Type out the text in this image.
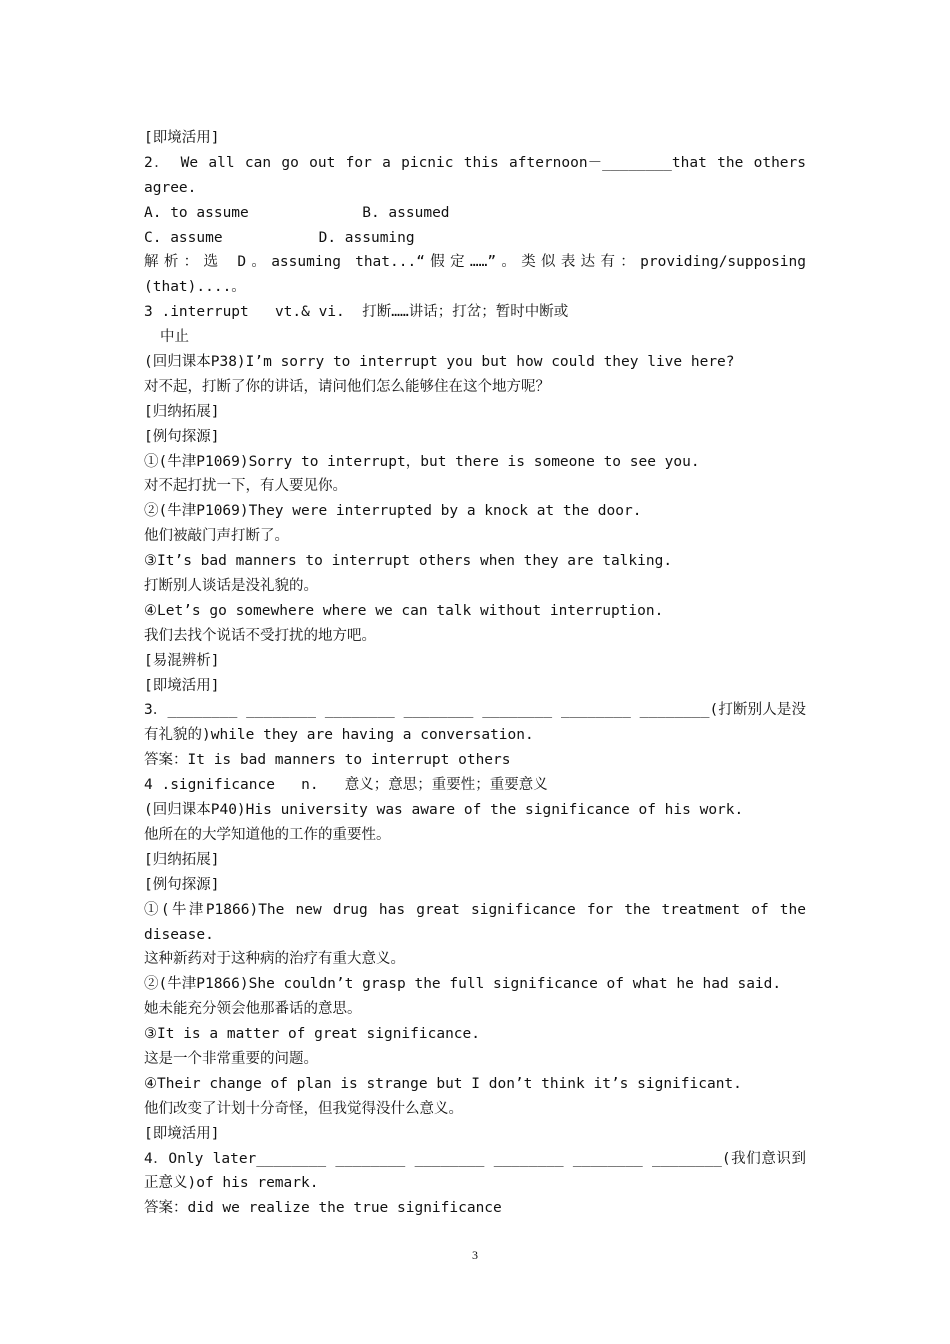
[即境活用]
2． We all can go out for a picnic this afternoon－________that the others
agree.
A. to assume             B. assumed
C. assume           D. assuming
解析：选 D。assuming that...“假定……”。类似表达有：providing/supposing
(that)....。
3 .interrupt   vt.& vi.  打断……讲话；打岔；暂时中断或
中止
(回归课本P38)I’m sorry to interrupt you but how could they live here?
对不起，打断了你的讲话，请问他们怎么能够住在这个地方呢？
[归纳拓展]
[例句探源]
①(牛津P1069)Sorry to interrupt，but there is someone to see you.
对不起打扰一下，有人要见你。
②(牛津P1069)They were interrupted by a knock at the door.
他们被敲门声打断了。
③It’s bad manners to interrupt others when they are talking.
打断别人谈话是没礼貌的。
④Let’s go somewhere where we can talk without interruption.
我们去找个说话不受打扰的地方吧。
[易混辨析]
[即境活用]
3．________ ________ ________ ________ ________ ________ ________(打断别人是没
有礼貌的)while they are having a conversation.
答案：It is bad manners to interrupt others
4 .significance   n.   意义；意思；重要性；重要意义
(回归课本P40)His university was aware of the significance of his work.
他所在的大学知道他的工作的重要性。
[归纳拓展]
[例句探源]
①(牛津P1866)The new drug has great significance for the treatment of the
disease.
这种新药对于这种病的治疗有重大意义。
②(牛津P1866)She couldn’t grasp the full significance of what he had said.
她未能充分领会他那番话的意思。
③It is a matter of great significance.
这是一个非常重要的问题。
④Their change of plan is strange but I don’t think it’s significant.
他们改变了计划十分奇怪，但我觉得没什么意义。
[即境活用]
4．Only later________ ________ ________ ________ ________ ________(我们意识到
正意义)of his remark.
答案：did we realize the true significance
3
